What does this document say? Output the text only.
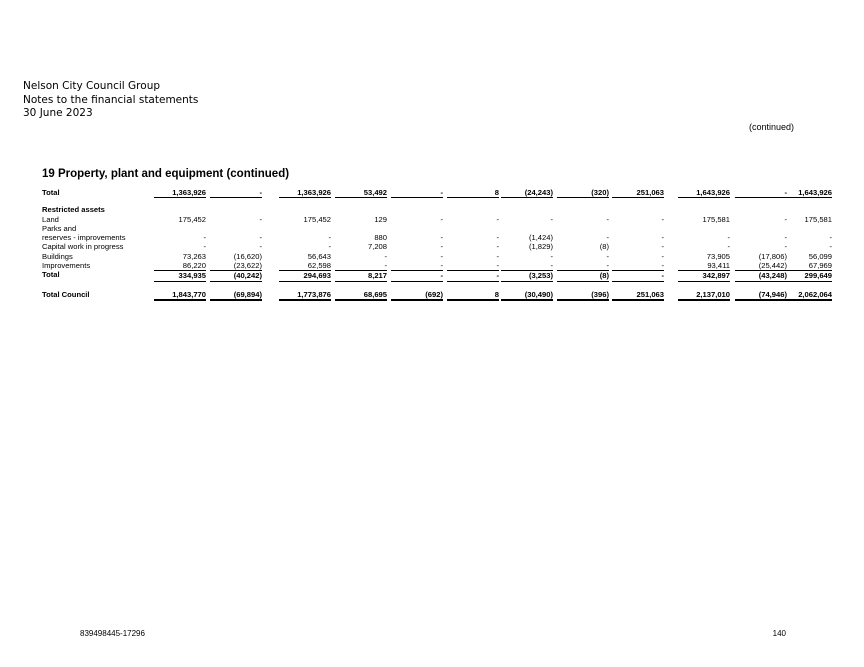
Nelson City Council Group
Notes to the financial statements
30 June 2023
(continued)
19 Property, plant and equipment (continued)
Total	1,363,926	-	1,363,926	53,492	-	8	(24,243)	(320)	251,063	1,643,926	-	1,643,926
Restricted assets
Land	175,452	-	175,452	129	-	-	-	-	-	175,581	-	175,581
Parks and
reserves - improvements	-	-	-	880	-	-	(1,424)	-	-	-	-	-
Capital work in progress	-	-	-	7,208	-	-	(1,829)	(8)	-	-	-	-
Buildings	73,263	(16,620)	56,643	-	-	-	-	-	-	73,905	(17,806)	56,099
Improvements	86,220	(23,622)	62,598	-	-	-	-	-	-	93,411	(25,442)	67,969
Total	334,935	(40,242)	294,693	8,217	-	-	(3,253)	(8)	-	342,897	(43,248)	299,649
Total Council	1,843,770	(69,894)	1,773,876	68,695	(692)	8	(30,490)	(396)	251,063	2,137,010	(74,946)	2,062,064
839498445-17296	140
